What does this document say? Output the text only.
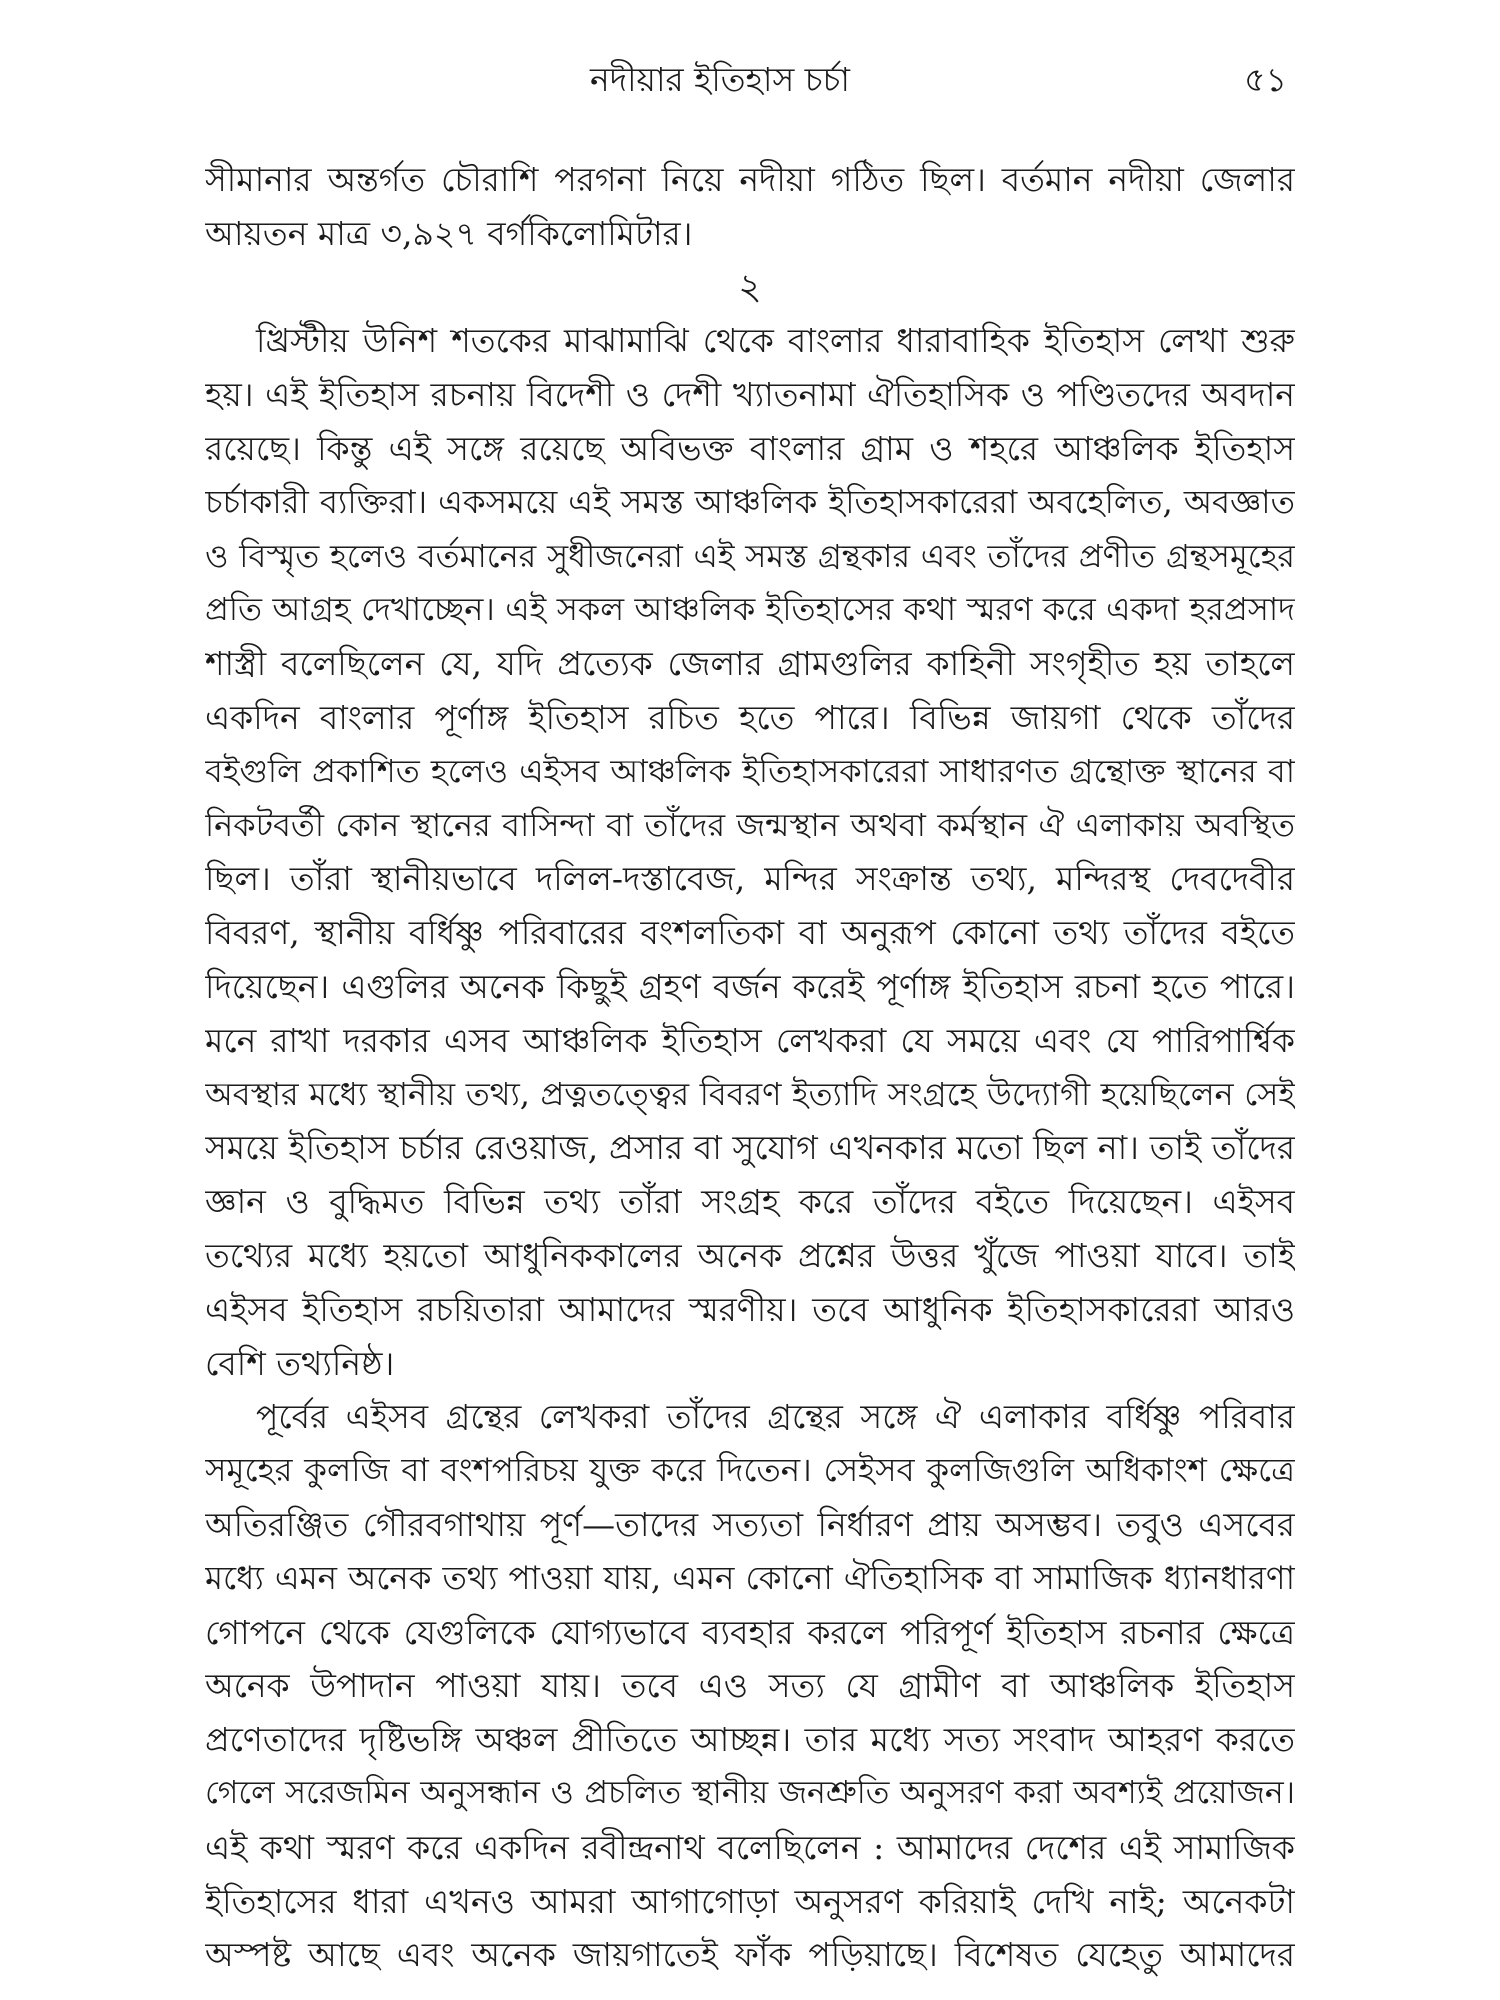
নদীয়ার ইতিহাস চর্চা	৫১
সীমানার অন্তর্গত চৌরাশি পরগনা নিয়ে নদীয়া গঠিত ছিল। বর্তমান নদীয়া জেলার
আয়তন মাত্র ৩,৯২৭ বর্গকিলোমিটার।
২
খ্রিস্টীয় উনিশ শতকের মাঝামাঝি থেকে বাংলার ধারাবাহিক ইতিহাস লেখা শুরু
হয়। এই ইতিহাস রচনায় বিদেশী ও দেশী খ্যাতনামা ঐতিহাসিক ও পণ্ডিতদের অবদান
রয়েছে। কিন্তু এই সঙ্গে রয়েছে অবিভক্ত বাংলার গ্রাম ও শহরে আঞ্চলিক ইতিহাস
চর্চাকারী ব্যক্তিরা। একসময়ে এই সমস্ত আঞ্চলিক ইতিহাসকারেরা অবহেলিত, অবজ্ঞাত
ও বিস্মৃত হলেও বর্তমানের সুধীজনেরা এই সমস্ত গ্রন্থকার এবং তাঁদের প্রণীত গ্রন্থসমূহের
প্রতি আগ্রহ দেখাচ্ছেন। এই সকল আঞ্চলিক ইতিহাসের কথা স্মরণ করে একদা হরপ্রসাদ
শাস্ত্রী বলেছিলেন যে, যদি প্রত্যেক জেলার গ্রামগুলির কাহিনী সংগৃহীত হয় তাহলে
একদিন বাংলার পূর্ণাঙ্গ ইতিহাস রচিত হতে পারে। বিভিন্ন জায়গা থেকে তাঁদের
বইগুলি প্রকাশিত হলেও এইসব আঞ্চলিক ইতিহাসকারেরা সাধারণত গ্রন্থোক্ত স্থানের বা
নিকটবর্তী কোন স্থানের বাসিন্দা বা তাঁদের জন্মস্থান অথবা কর্মস্থান ঐ এলাকায় অবস্থিত
ছিল। তাঁরা স্থানীয়ভাবে দলিল-দস্তাবেজ, মন্দির সংক্রান্ত তথ্য, মন্দিরস্থ দেবদেবীর
বিবরণ, স্থানীয় বর্ধিষ্ণু পরিবারের বংশলতিকা বা অনুরূপ কোনো তথ্য তাঁদের বইতে
দিয়েছেন। এগুলির অনেক কিছুই গ্রহণ বর্জন করেই পূর্ণাঙ্গ ইতিহাস রচনা হতে পারে।
মনে রাখা দরকার এসব আঞ্চলিক ইতিহাস লেখকরা যে সময়ে এবং যে পারিপার্শ্বিক
অবস্থার মধ্যে স্থানীয় তথ্য, প্রত্নতত্ত্বের বিবরণ ইত্যাদি সংগ্রহে উদ্যোগী হয়েছিলেন সেই
সময়ে ইতিহাস চর্চার রেওয়াজ, প্রসার বা সুযোগ এখনকার মতো ছিল না। তাই তাঁদের
জ্ঞান ও বুদ্ধিমত বিভিন্ন তথ্য তাঁরা সংগ্রহ করে তাঁদের বইতে দিয়েছেন। এইসব
তথ্যের মধ্যে হয়তো আধুনিককালের অনেক প্রশ্নের উত্তর খুঁজে পাওয়া যাবে। তাই
এইসব ইতিহাস রচয়িতারা আমাদের স্মরণীয়। তবে আধুনিক ইতিহাসকারেরা আরও
বেশি তথ্যনিষ্ঠ।
পূর্বের এইসব গ্রন্থের লেখকরা তাঁদের গ্রন্থের সঙ্গে ঐ এলাকার বর্ধিষ্ণু পরিবার
সমূহের কুলজি বা বংশপরিচয় যুক্ত করে দিতেন। সেইসব কুলজিগুলি অধিকাংশ ক্ষেত্রে
অতিরঞ্জিত গৌরবগাথায় পূর্ণ—তাদের সত্যতা নির্ধারণ প্রায় অসম্ভব। তবুও এসবের
মধ্যে এমন অনেক তথ্য পাওয়া যায়, এমন কোনো ঐতিহাসিক বা সামাজিক ধ্যানধারণা
গোপনে থেকে যেগুলিকে যোগ্যভাবে ব্যবহার করলে পরিপূর্ণ ইতিহাস রচনার ক্ষেত্রে
অনেক উপাদান পাওয়া যায়। তবে এও সত্য যে গ্রামীণ বা আঞ্চলিক ইতিহাস
প্রণেতাদের দৃষ্টিভঙ্গি অঞ্চল প্রীতিতে আচ্ছন্ন। তার মধ্যে সত্য সংবাদ আহরণ করতে
গেলে সরেজমিন অনুসন্ধান ও প্রচলিত স্থানীয় জনশ্রুতি অনুসরণ করা অবশ্যই প্রয়োজন।
এই কথা স্মরণ করে একদিন রবীন্দ্রনাথ বলেছিলেন : আমাদের দেশের এই সামাজিক
ইতিহাসের ধারা এখনও আমরা আগাগোড়া অনুসরণ করিয়াই দেখি নাই; অনেকটা
অস্পষ্ট আছে এবং অনেক জায়গাতেই ফাঁক পড়িয়াছে। বিশেষত যেহেতু আমাদের
